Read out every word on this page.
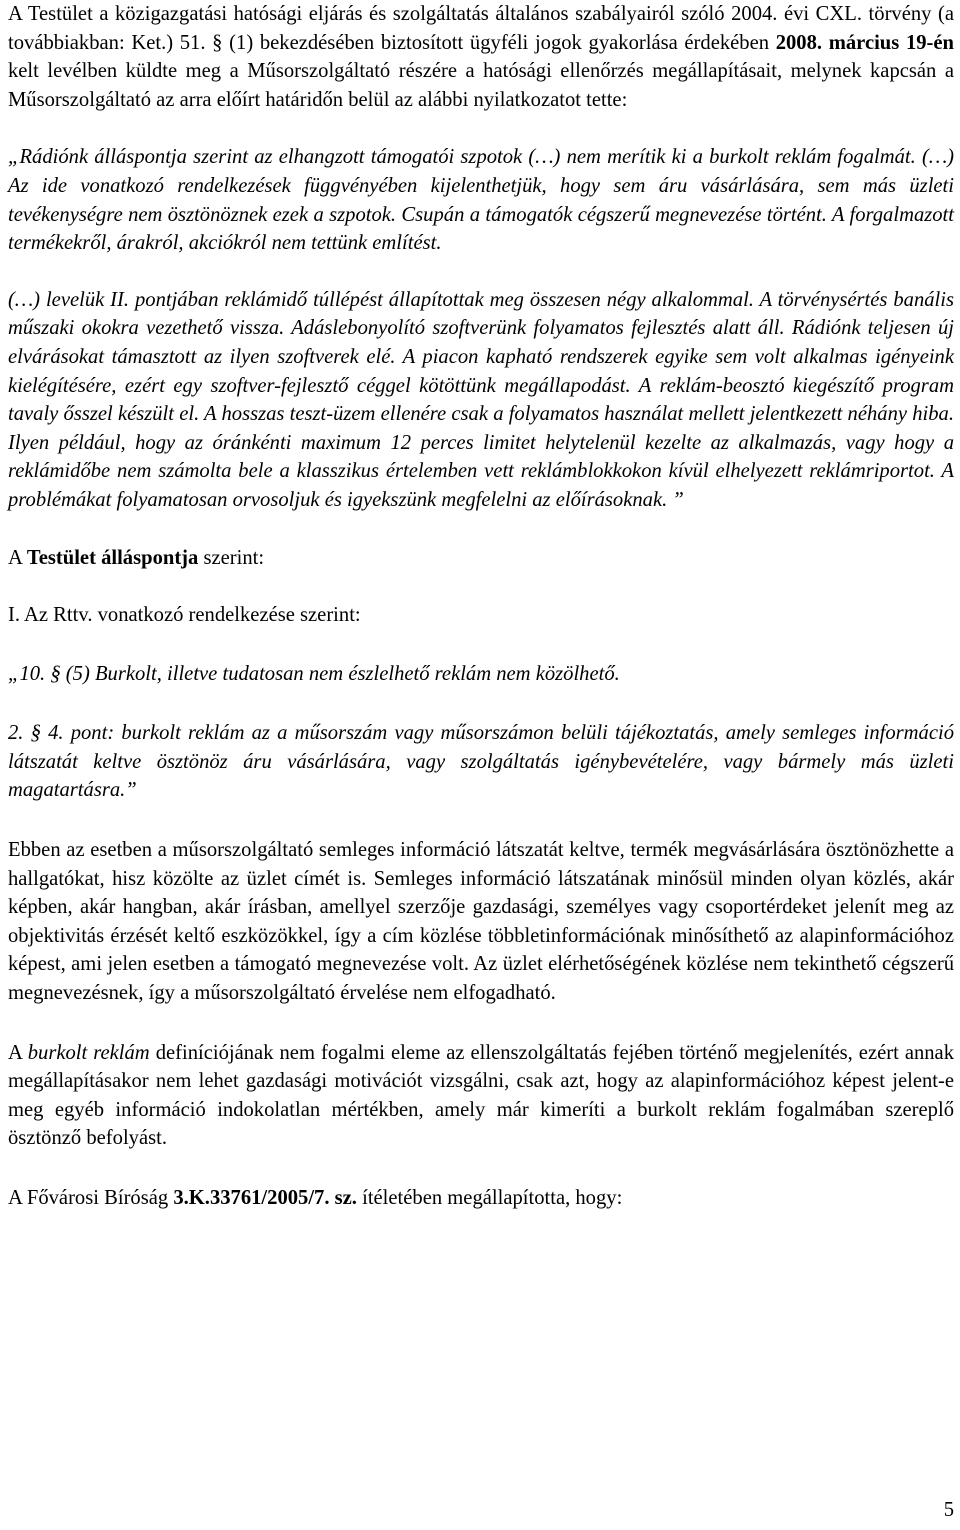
A Testület a közigazgatási hatósági eljárás és szolgáltatás általános szabályairól szóló 2004. évi CXL. törvény (a továbbiakban: Ket.) 51. § (1) bekezdésében biztosított ügyféli jogok gyakorlása érdekében 2008. március 19-én kelt levélben küldte meg a Műsorszolgáltató részére a hatósági ellenőrzés megállapításait, melynek kapcsán a Műsorszolgáltató az arra előírt határidőn belül az alábbi nyilatkozatot tette:

„Rádiónk álláspontja szerint az elhangzott támogatói szpotok (…) nem merítik ki a burkolt reklám fogalmát. (…) Az ide vonatkozó rendelkezések függvényében kijelenthetjük, hogy sem áru vásárlására, sem más üzleti tevékenységre nem ösztönöznek ezek a szpotok. Csupán a támogatók cégszerű megnevezése történt. A forgalmazott termékekről, árakról, akciókról nem tettünk említést.

(…) levelük II. pontjában reklámidő túllépést állapítottak meg összesen négy alkalommal. A törvénysértés banális műszaki okokra vezethető vissza. Adáslebonyolító szoftverünk folyamatos fejlesztés alatt áll. Rádiónk teljesen új elvárásokat támasztott az ilyen szoftverek elé. A piacon kapható rendszerek egyike sem volt alkalmas igényeink kielégítésére, ezért egy szoftver-fejlesztő céggel kötöttünk megállapodást. A reklám-beosztó kiegészítő program tavaly ősszel készült el. A hosszas teszt-üzem ellenére csak a folyamatos használat mellett jelentkezett néhány hiba. Ilyen például, hogy az óránkénti maximum 12 perces limitet helytelenül kezelte az alkalmazás, vagy hogy a reklámidőbe nem számolta bele a klasszikus értelemben vett reklámblokkokon kívül elhelyezett reklámriportot. A problémákat folyamatosan orvosoljuk és igyekszünk megfelelni az előírásoknak. ”

A Testület álláspontja szerint:

I. Az Rttv. vonatkozó rendelkezése szerint:

„10. § (5) Burkolt, illetve tudatosan nem észlelhető reklám nem közölhető.

2. § 4. pont: burkolt reklám az a műsorszám vagy műsorszámon belüli tájékoztatás, amely semleges információ látszatát keltve ösztönöz áru vásárlására, vagy szolgáltatás igénybevételére, vagy bármely más üzleti magatartásra.”

Ebben az esetben a műsorszolgáltató semleges információ látszatát keltve, termék megvásárlására ösztönözhette a hallgatókat, hisz közölte az üzlet címét is. Semleges információ látszatának minősül minden olyan közlés, akár képben, akár hangban, akár írásban, amellyel szerzője gazdasági, személyes vagy csoportérdeket jelenít meg az objektivitás érzését keltő eszközökkel, így a cím közlése többletinformációnak minősíthető az alapinformációhoz képest, ami jelen esetben a támogató megnevezése volt. Az üzlet elérhetőségének közlése nem tekinthető cégszerű megnevezésnek, így a műsorszolgáltató érvelése nem elfogadható.

A burkolt reklám definíciójának nem fogalmi eleme az ellenszolgáltatás fejében történő megjelenítés, ezért annak megállapításakor nem lehet gazdasági motivációt vizsgálni, csak azt, hogy az alapinformációhoz képest jelent-e meg egyéb információ indokolatlan mértékben, amely már kimeríti a burkolt reklám fogalmában szereplő ösztönző befolyást.

A Fővárosi Bíróság 3.K.33761/2005/7. sz. ítéletében megállapította, hogy:

5
